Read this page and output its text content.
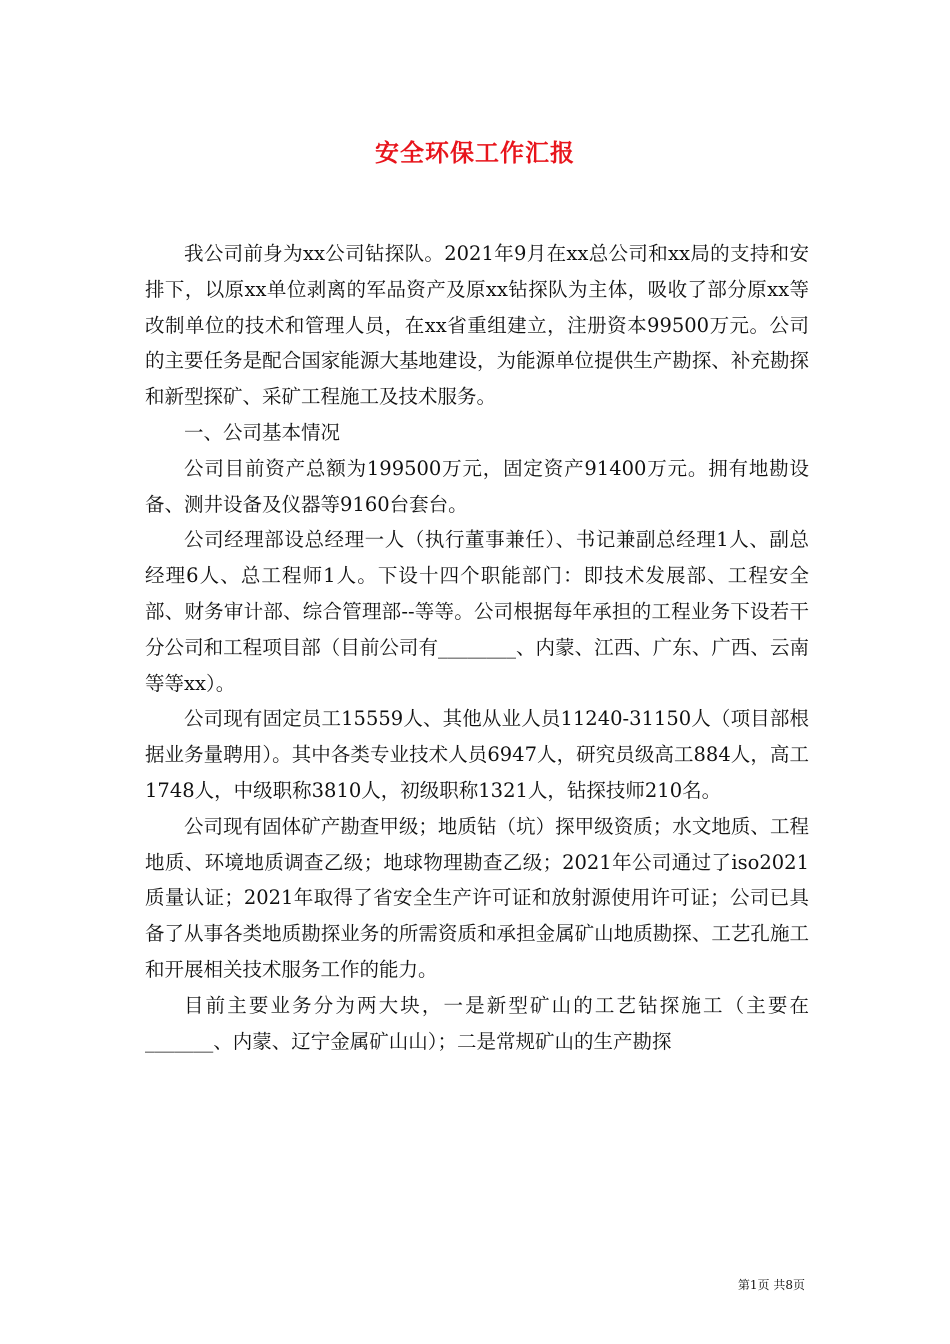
安全环保工作汇报

我公司前身为xx公司钻探队。2021年9月在xx总公司和xx局的支持和安排下，以原xx单位剥离的军品资产及原xx钻探队为主体，吸收了部分原xx等改制单位的技术和管理人员，在xx省重组建立，注册资本99500万元。公司的主要任务是配合国家能源大基地建设，为能源单位提供生产勘探、补充勘探和新型探矿、采矿工程施工及技术服务。

一、公司基本情况

公司目前资产总额为199500万元，固定资产91400万元。拥有地勘设备、测井设备及仪器等9160台套台。

公司经理部设总经理一人（执行董事兼任）、书记兼副总经理1人、副总经理6人、总工程师1人。下设十四个职能部门：即技术发展部、工程安全部、财务审计部、综合管理部--等等。公司根据每年承担的工程业务下设若干分公司和工程项目部（目前公司有________、内蒙、江西、广东、广西、云南等等xx）。

公司现有固定员工15559人、其他从业人员11240-31150人（项目部根据业务量聘用）。其中各类专业技术人员6947人，研究员级高工884人，高工1748人，中级职称3810人，初级职称1321人，钻探技师210名。

公司现有固体矿产勘查甲级；地质钻（坑）探甲级资质；水文地质、工程地质、环境地质调查乙级；地球物理勘查乙级；2021年公司通过了iso2021质量认证；2021年取得了省安全生产许可证和放射源使用许可证；公司已具备了从事各类地质勘探业务的所需资质和承担金属矿山地质勘探、工艺孔施工和开展相关技术服务工作的能力。

目前主要业务分为两大块，一是新型矿山的工艺钻探施工（主要在_______、内蒙、辽宁金属矿山山）；二是常规矿山的生产勘探

第1页 共8页
